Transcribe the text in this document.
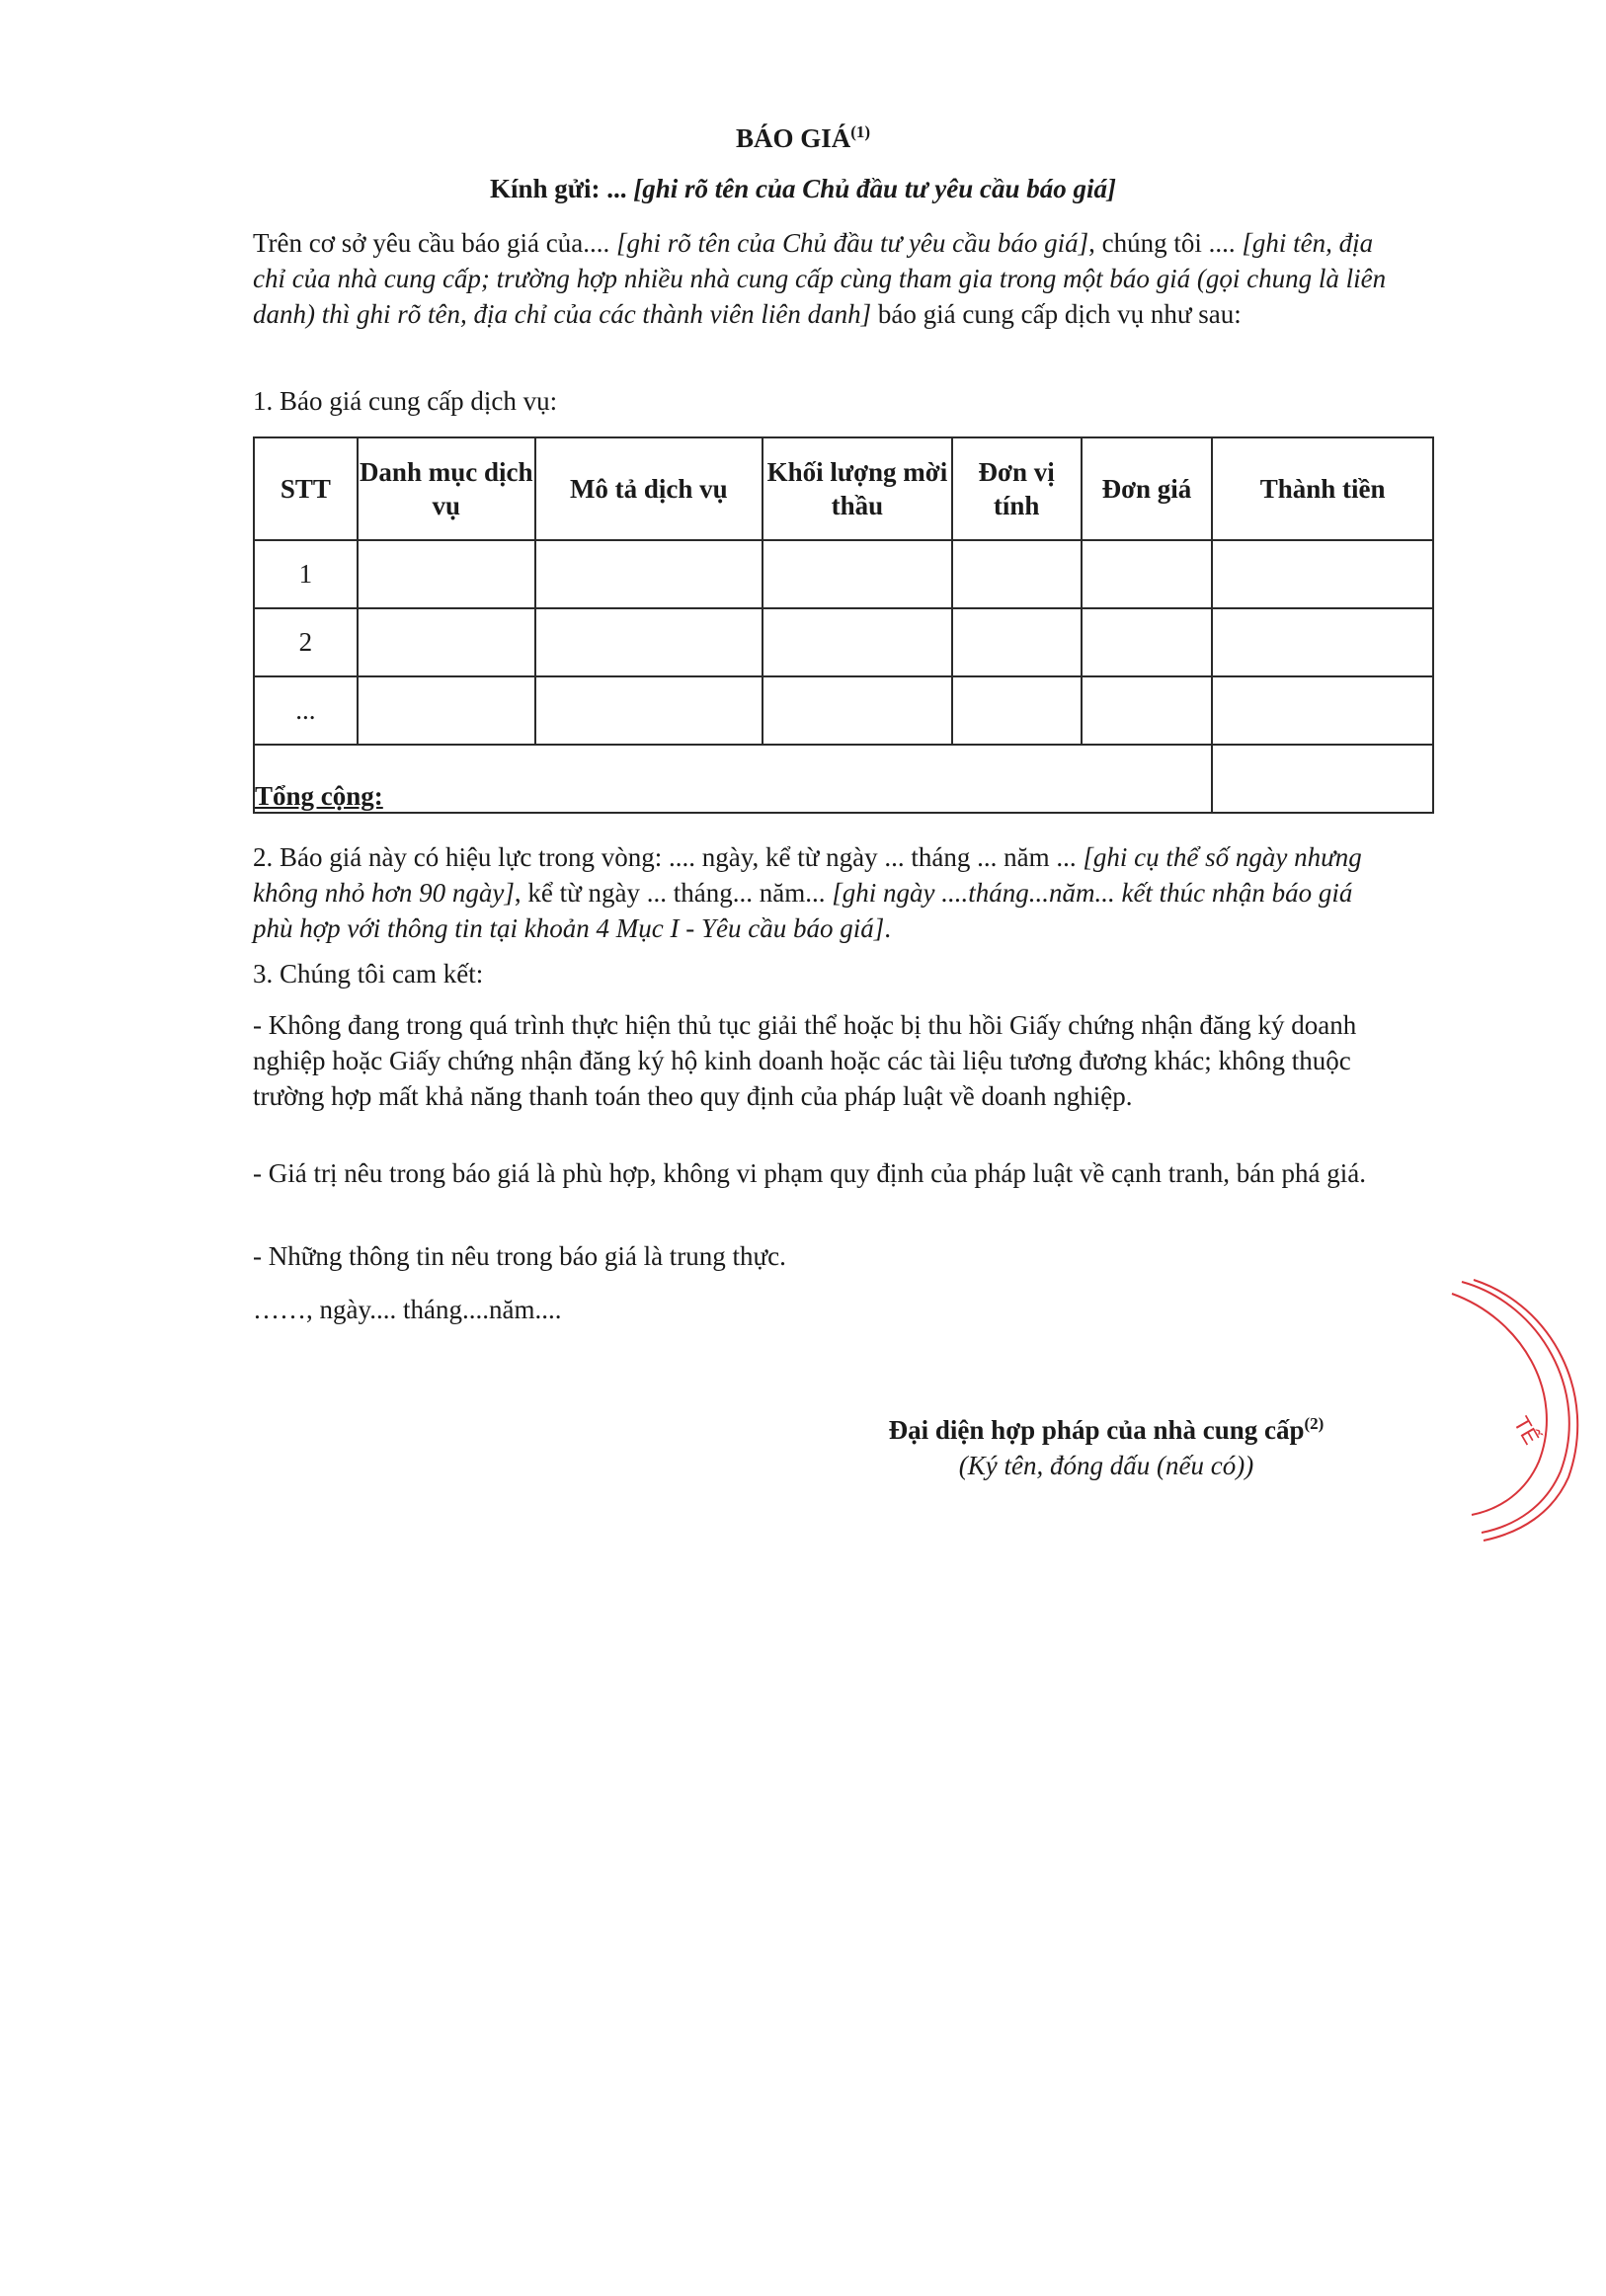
BÁO GIÁ$^{(1)}$
Kính gửi: ... [ghi rõ tên của Chủ đầu tư yêu cầu báo giá]

Trên cơ sở yêu cầu báo giá của.... [ghi rõ tên của Chủ đầu tư yêu cầu báo giá], chúng tôi .... [ghi tên, địa chỉ của nhà cung cấp; trường hợp nhiều nhà cung cấp cùng tham gia trong một báo giá (gọi chung là liên danh) thì ghi rõ tên, địa chỉ của các thành viên liên danh] báo giá cung cấp dịch vụ như sau:

1. Báo giá cung cấp dịch vụ:

STT	Danh mục dịch vụ	Mô tả dịch vụ	Khối lượng mời thầu	Đơn vị tính	Đơn giá	Thành tiền
1						
2						
...						
Tổng cộng:						

2. Báo giá này có hiệu lực trong vòng: .... ngày, kể từ ngày ... tháng ... năm ... [ghi cụ thể số ngày nhưng không nhỏ hơn 90 ngày], kể từ ngày ... tháng... năm... [ghi ngày ....tháng...năm... kết thúc nhận báo giá phù hợp với thông tin tại khoản 4 Mục I - Yêu cầu báo giá].

3. Chúng tôi cam kết:

- Không đang trong quá trình thực hiện thủ tục giải thể hoặc bị thu hồi Giấy chứng nhận đăng ký doanh nghiệp hoặc Giấy chứng nhận đăng ký hộ kinh doanh hoặc các tài liệu tương đương khác; không thuộc trường hợp mất khả năng thanh toán theo quy định của pháp luật về doanh nghiệp.

- Giá trị nêu trong báo giá là phù hợp, không vi phạm quy định của pháp luật về cạnh tranh, bán phá giá.

- Những thông tin nêu trong báo giá là trung thực.

……, ngày.... tháng....năm....

Đại diện hợp pháp của nhà cung cấp$^{(2)}$
(Ký tên, đóng dấu (nếu có))
TẾ
